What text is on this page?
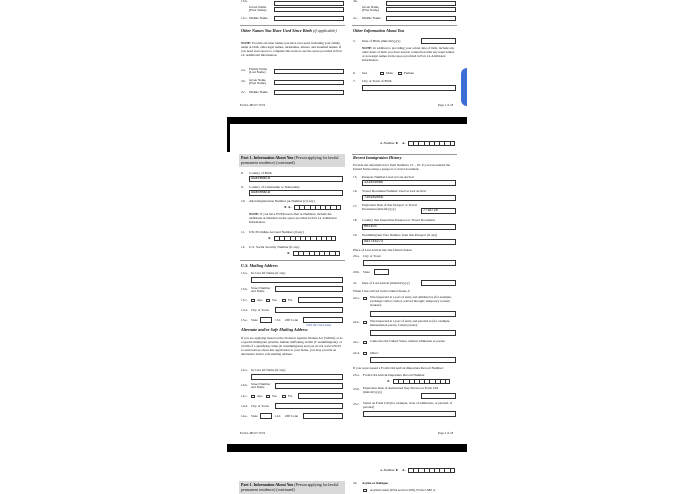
13.b.
Given Name (First Name)
13.c. Middle Name
Other Names You Have Used Since Birth (if applicable)
NOTE: Provide all other names you have ever used, including your family name at birth, other legal names, nicknames, aliases, and assumed names. If you need extra space to complete this section, use the space provided in Part 14. Additional Information.
2.a. Family Name (Last Name)
2.b. Given Name (First Name)
2.c. Middle Name
4.b.
Given Name (First Name)
4.c. Middle Name
Other Information About You
5. Date of Birth (mm/dd/yyyy)
NOTE: In addition to providing your actual date of birth, include any other dates of birth you have used in connection with any legal names or non-legal names in the space provided in Part 14. Additional Information.
6. Sex	Male	Female
7. City or Town of Birth
Form I-485 07/15/19	Page 1 of 18
A-Number ► A-
Part 1. Information About You (Person applying for lawful permanent residence) (continued)
8. Country of Birth
Guatemala
9. Country of Citizenship or Nationality
Guatemala
10. Alien Registration Number (A-Number) (if any)
► A-
NOTE: If you have EVER used other A-Numbers, include the additional A-Numbers in the space provided in Part 14. Additional Information.
11. USCIS Online Account Number (if any)
►
12. U.S. Social Security Number (if any)
►
U.S. Mailing Address
13.a. In Care Of Name (if any)
13.b. Street Number and Name
13.c.	Apt.	Ste.	Flr.
13.d. City or Town
13.e. State	13.f. ZIP Code
USPS ZIP Code Lookup
Alternate and/or Safe Mailing Address
If you are applying based on the Violence Against Women Act (VAWA) or as a special immigrant juvenile, human trafficking victim (T nonimmigrant), or victim of a qualifying crime (U nonimmigrant) and you do not want USCIS to send notices about this application to your home, you may provide an alternative and/or safe mailing address.
14.a. In Care Of Name (if any)
14.b. Street Number and Name
14.c.	Apt.	Ste.	Flr.
14.d. City or Town
14.e. State	14.f. ZIP Code
Recent Immigration History
Provide the information for Item Numbers 15. - 19. if you last entered the United States using a passport or travel document.
15. Passport Number Used at Last Arrival
123456089
16. Travel Document Number Used at Last Arrival
730189858
17. Expiration Date of this Passport or Travel Document (mm/dd/yyyy)
7/18/28
18. Country that Issued this Passport or Travel Document
Mexico
19. Nonimmigrant Visa Number from this Passport (if any)
882746274
Place of Last Arrival into the United States:
20.a. City or Town
20.b. State
21. Date of Last Arrival (mm/dd/yyyy)
When I last arrived in the United States, I:
22.a.	Was inspected at a port of entry and admitted as (for example, exchange visitor; visitor, waived through; temporary worker; student):
22.b.	Was inspected at a port of entry and paroled as (for example, humanitarian parole, Cuban parole):
22.c.	Came into the United States without admission or parole.
22.d.	Other:
If you were issued a Form I-94 Arrival-Departure Record Number:
23.a. Form I-94 Arrival-Departure Record Number
►
23.b. Expiration Date of Authorized Stay Shown on Form I-94 (mm/dd/yyyy)
23.c. Status on Form I-94 (for example, class of admission, or paroled, if paroled)
Form I-485 07/15/19	Page 2 of 18
A-Number ► A-
Part 1. Information About You (Person applying for lawful permanent residence) (continued)
24. Asylee or Refugee
Asylum status (INA section 208), Form I-589 or
